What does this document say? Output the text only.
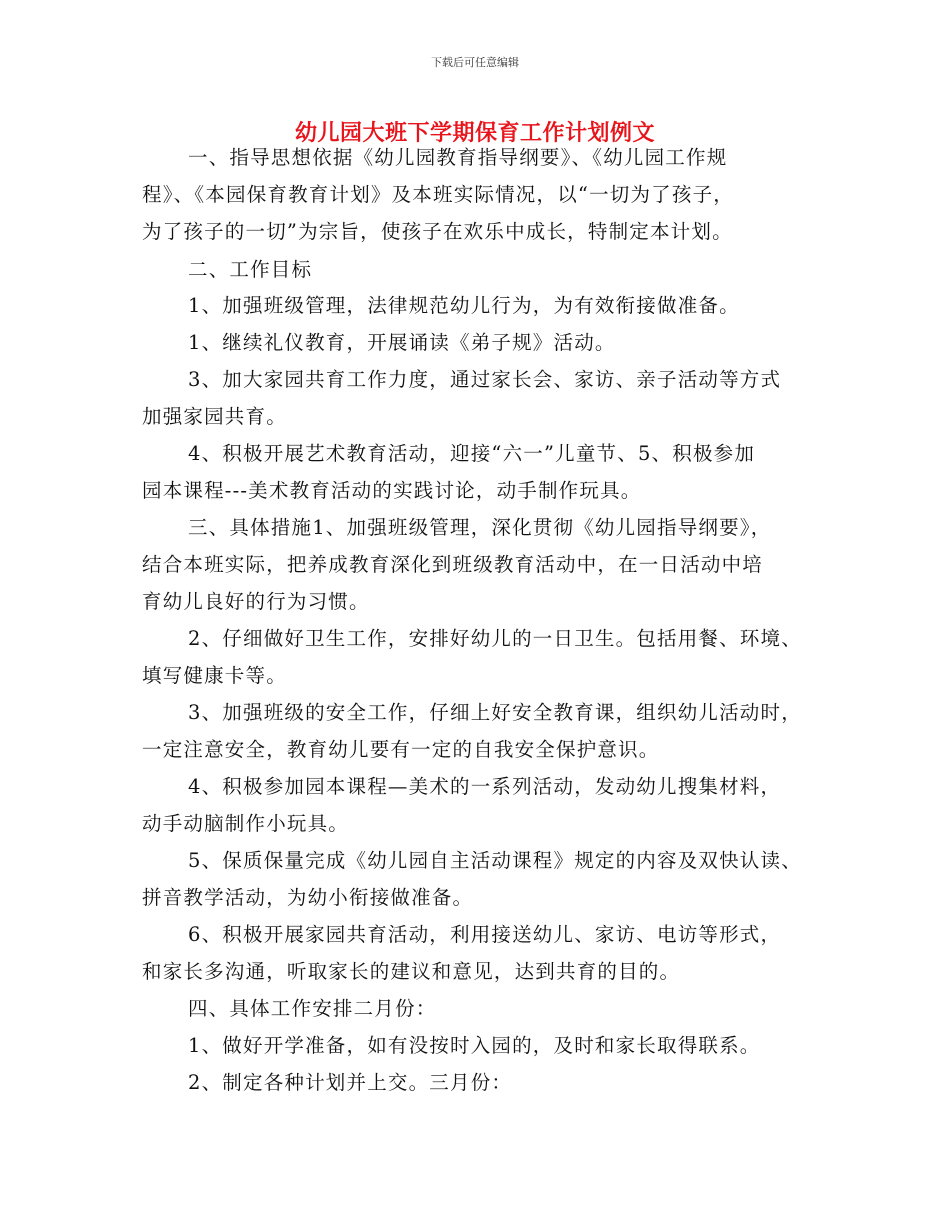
下载后可任意编辑
幼儿园大班下学期保育工作计划例文
一、指导思想依据《幼儿园教育指导纲要》、《幼儿园工作规
程》、《本园保育教育计划》及本班实际情况，以“一切为了孩子，
为了孩子的一切”为宗旨，使孩子在欢乐中成长，特制定本计划。
二、工作目标
1、加强班级管理，法律规范幼儿行为，为有效衔接做准备。
1、继续礼仪教育，开展诵读《弟子规》活动。
3、加大家园共育工作力度，通过家长会、家访、亲子活动等方式
加强家园共育。
4、积极开展艺术教育活动，迎接“六一”儿童节、5、积极参加
园本课程---美术教育活动的实践讨论，动手制作玩具。
三、具体措施1、加强班级管理，深化贯彻《幼儿园指导纲要》，
结合本班实际，把养成教育深化到班级教育活动中，在一日活动中培
育幼儿良好的行为习惯。
2、仔细做好卫生工作，安排好幼儿的一日卫生。包括用餐、环境、
填写健康卡等。
3、加强班级的安全工作，仔细上好安全教育课，组织幼儿活动时，
一定注意安全，教育幼儿要有一定的自我安全保护意识。
4、积极参加园本课程—美术的一系列活动，发动幼儿搜集材料，
动手动脑制作小玩具。
5、保质保量完成《幼儿园自主活动课程》规定的内容及双快认读、
拼音教学活动，为幼小衔接做准备。
6、积极开展家园共育活动，利用接送幼儿、家访、电访等形式，
和家长多沟通，听取家长的建议和意见，达到共育的目的。
四、具体工作安排二月份：
1、做好开学准备，如有没按时入园的，及时和家长取得联系。
2、制定各种计划并上交。三月份：
